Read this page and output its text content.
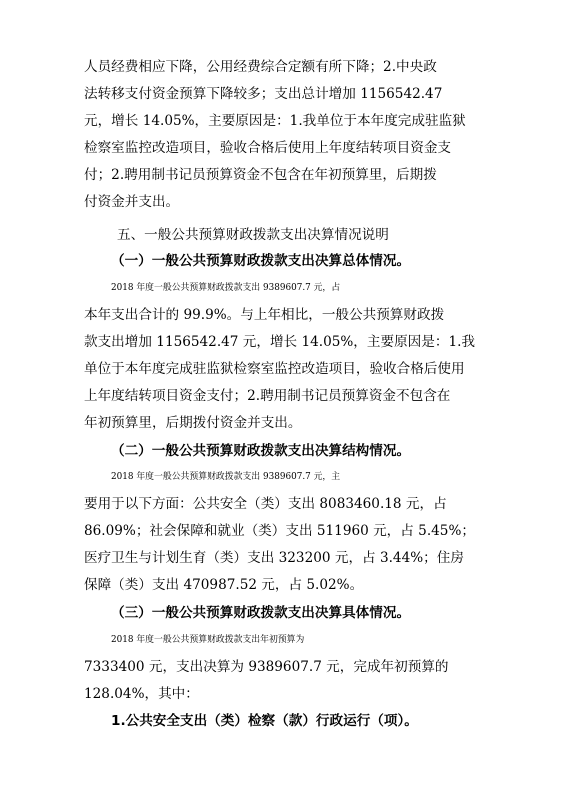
人员经费相应下降，公用经费综合定额有所下降；2.中央政
法转移支付资金预算下降较多；支出总计增加 1156542.47
元，增长 14.05%，主要原因是：1.我单位于本年度完成驻监狱
检察室监控改造项目，验收合格后使用上年度结转项目资金支
付；2.聘用制书记员预算资金不包含在年初预算里，后期拨
付资金并支出。

五、一般公共预算财政拨款支出决算情况说明

（一）一般公共预算财政拨款支出决算总体情况。

2018 年度一般公共预算财政拨款支出 9389607.7 元，占
本年支出合计的 99.9%。与上年相比，一般公共预算财政拨
款支出增加 1156542.47 元，增长 14.05%，主要原因是：1.我
单位于本年度完成驻监狱检察室监控改造项目，验收合格后使用
上年度结转项目资金支付；2.聘用制书记员预算资金不包含在
年初预算里，后期拨付资金并支出。

（二）一般公共预算财政拨款支出决算结构情况。

2018 年度一般公共预算财政拨款支出 9389607.7 元，主
要用于以下方面：公共安全（类）支出 8083460.18 元，占
86.09%；社会保障和就业（类）支出 511960 元，占 5.45%；
医疗卫生与计划生育（类）支出 323200 元，占 3.44%；住房
保障（类）支出 470987.52 元，占 5.02%。

（三）一般公共预算财政拨款支出决算具体情况。

2018 年度一般公共预算财政拨款支出年初预算为
7333400 元，支出决算为 9389607.7 元，完成年初预算的
128.04%，其中：

1.公共安全支出（类）检察（款）行政运行（项）。
